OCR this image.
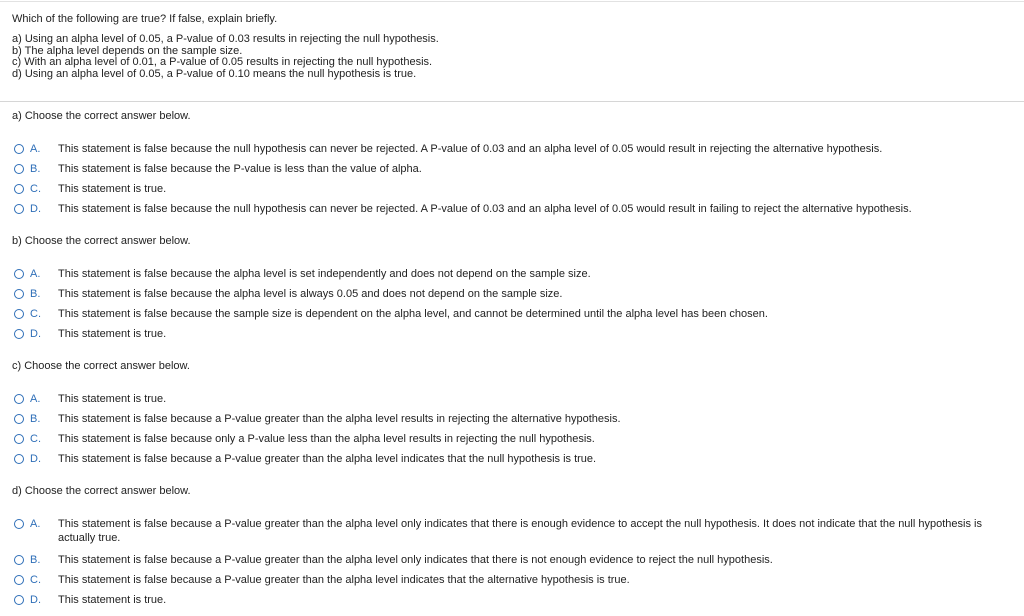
Which of the following are true? If false, explain briefly.
a) Using an alpha level of 0.05, a P-value of 0.03 results in rejecting the null hypothesis.
b) The alpha level depends on the sample size.
c) With an alpha level of 0.01, a P-value of 0.05 results in rejecting the null hypothesis.
d) Using an alpha level of 0.05, a P-value of 0.10 means the null hypothesis is true.
a) Choose the correct answer below.
A.	This statement is false because the null hypothesis can never be rejected. A P-value of 0.03 and an alpha level of 0.05 would result in rejecting the alternative hypothesis.
B.	This statement is false because the P-value is less than the value of alpha.
C.	This statement is true.
D.	This statement is false because the null hypothesis can never be rejected. A P-value of 0.03 and an alpha level of 0.05 would result in failing to reject the alternative hypothesis.
b) Choose the correct answer below.
A.	This statement is false because the alpha level is set independently and does not depend on the sample size.
B.	This statement is false because the alpha level is always 0.05 and does not depend on the sample size.
C.	This statement is false because the sample size is dependent on the alpha level, and cannot be determined until the alpha level has been chosen.
D.	This statement is true.
c) Choose the correct answer below.
A.	This statement is true.
B.	This statement is false because a P-value greater than the alpha level results in rejecting the alternative hypothesis.
C.	This statement is false because only a P-value less than the alpha level results in rejecting the null hypothesis.
D.	This statement is false because a P-value greater than the alpha level indicates that the null hypothesis is true.
d) Choose the correct answer below.
A.	This statement is false because a P-value greater than the alpha level only indicates that there is enough evidence to accept the null hypothesis. It does not indicate that the null hypothesis is actually true.
B.	This statement is false because a P-value greater than the alpha level only indicates that there is not enough evidence to reject the null hypothesis.
C.	This statement is false because a P-value greater than the alpha level indicates that the alternative hypothesis is true.
D.	This statement is true.
